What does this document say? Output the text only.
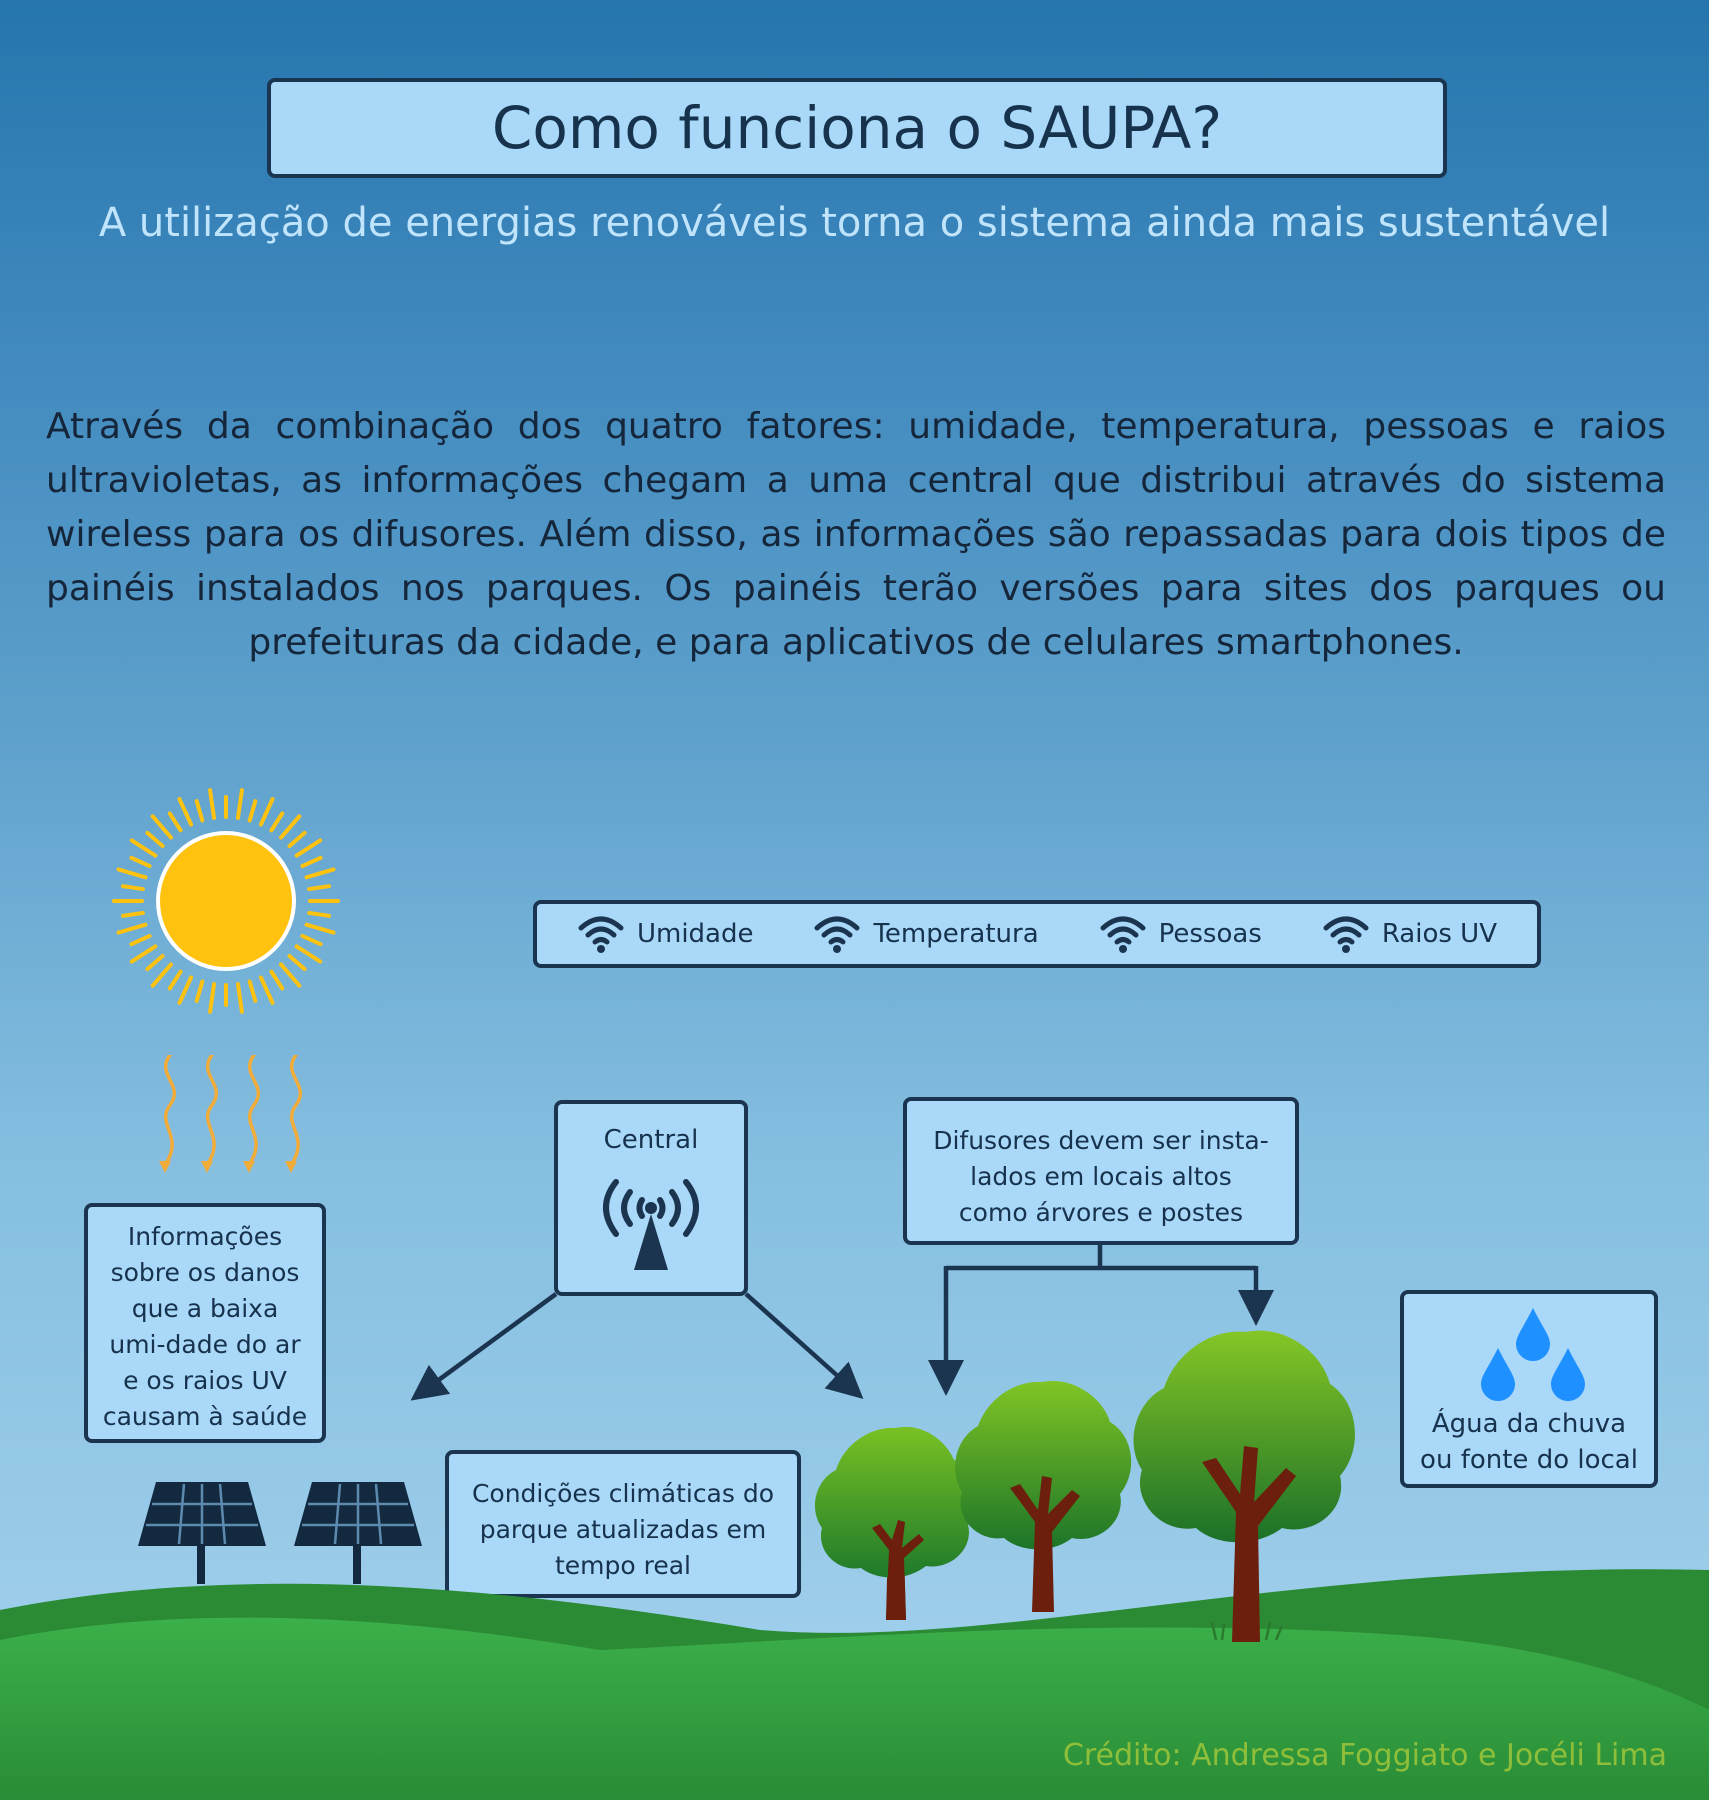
Como funciona o SAUPA?
A utilização de energias renováveis torna o sistema ainda mais sustentável
Através da combinação dos quatro fatores: umidade, temperatura, pessoas e raios ultravioletas, as informações chegam a uma central que distribui através do sistema wireless para os difusores. Além disso, as informações são repassadas para dois tipos de painéis instalados nos parques. Os painéis terão versões para sites dos parques ou prefeituras da cidade, e para aplicativos de celulares smartphones.
Umidade	Temperatura	Pessoas	Raios UV
Central	Difusores devem ser insta-lados em locais altos como árvores e postes
Informações sobre os danos que a baixa umi-dade do ar e os raios UV causam à saúde
Condições climáticas do parque atualizadas em tempo real
Água da chuva ou fonte do local
Crédito: Andressa Foggiato e Jocéli Lima
